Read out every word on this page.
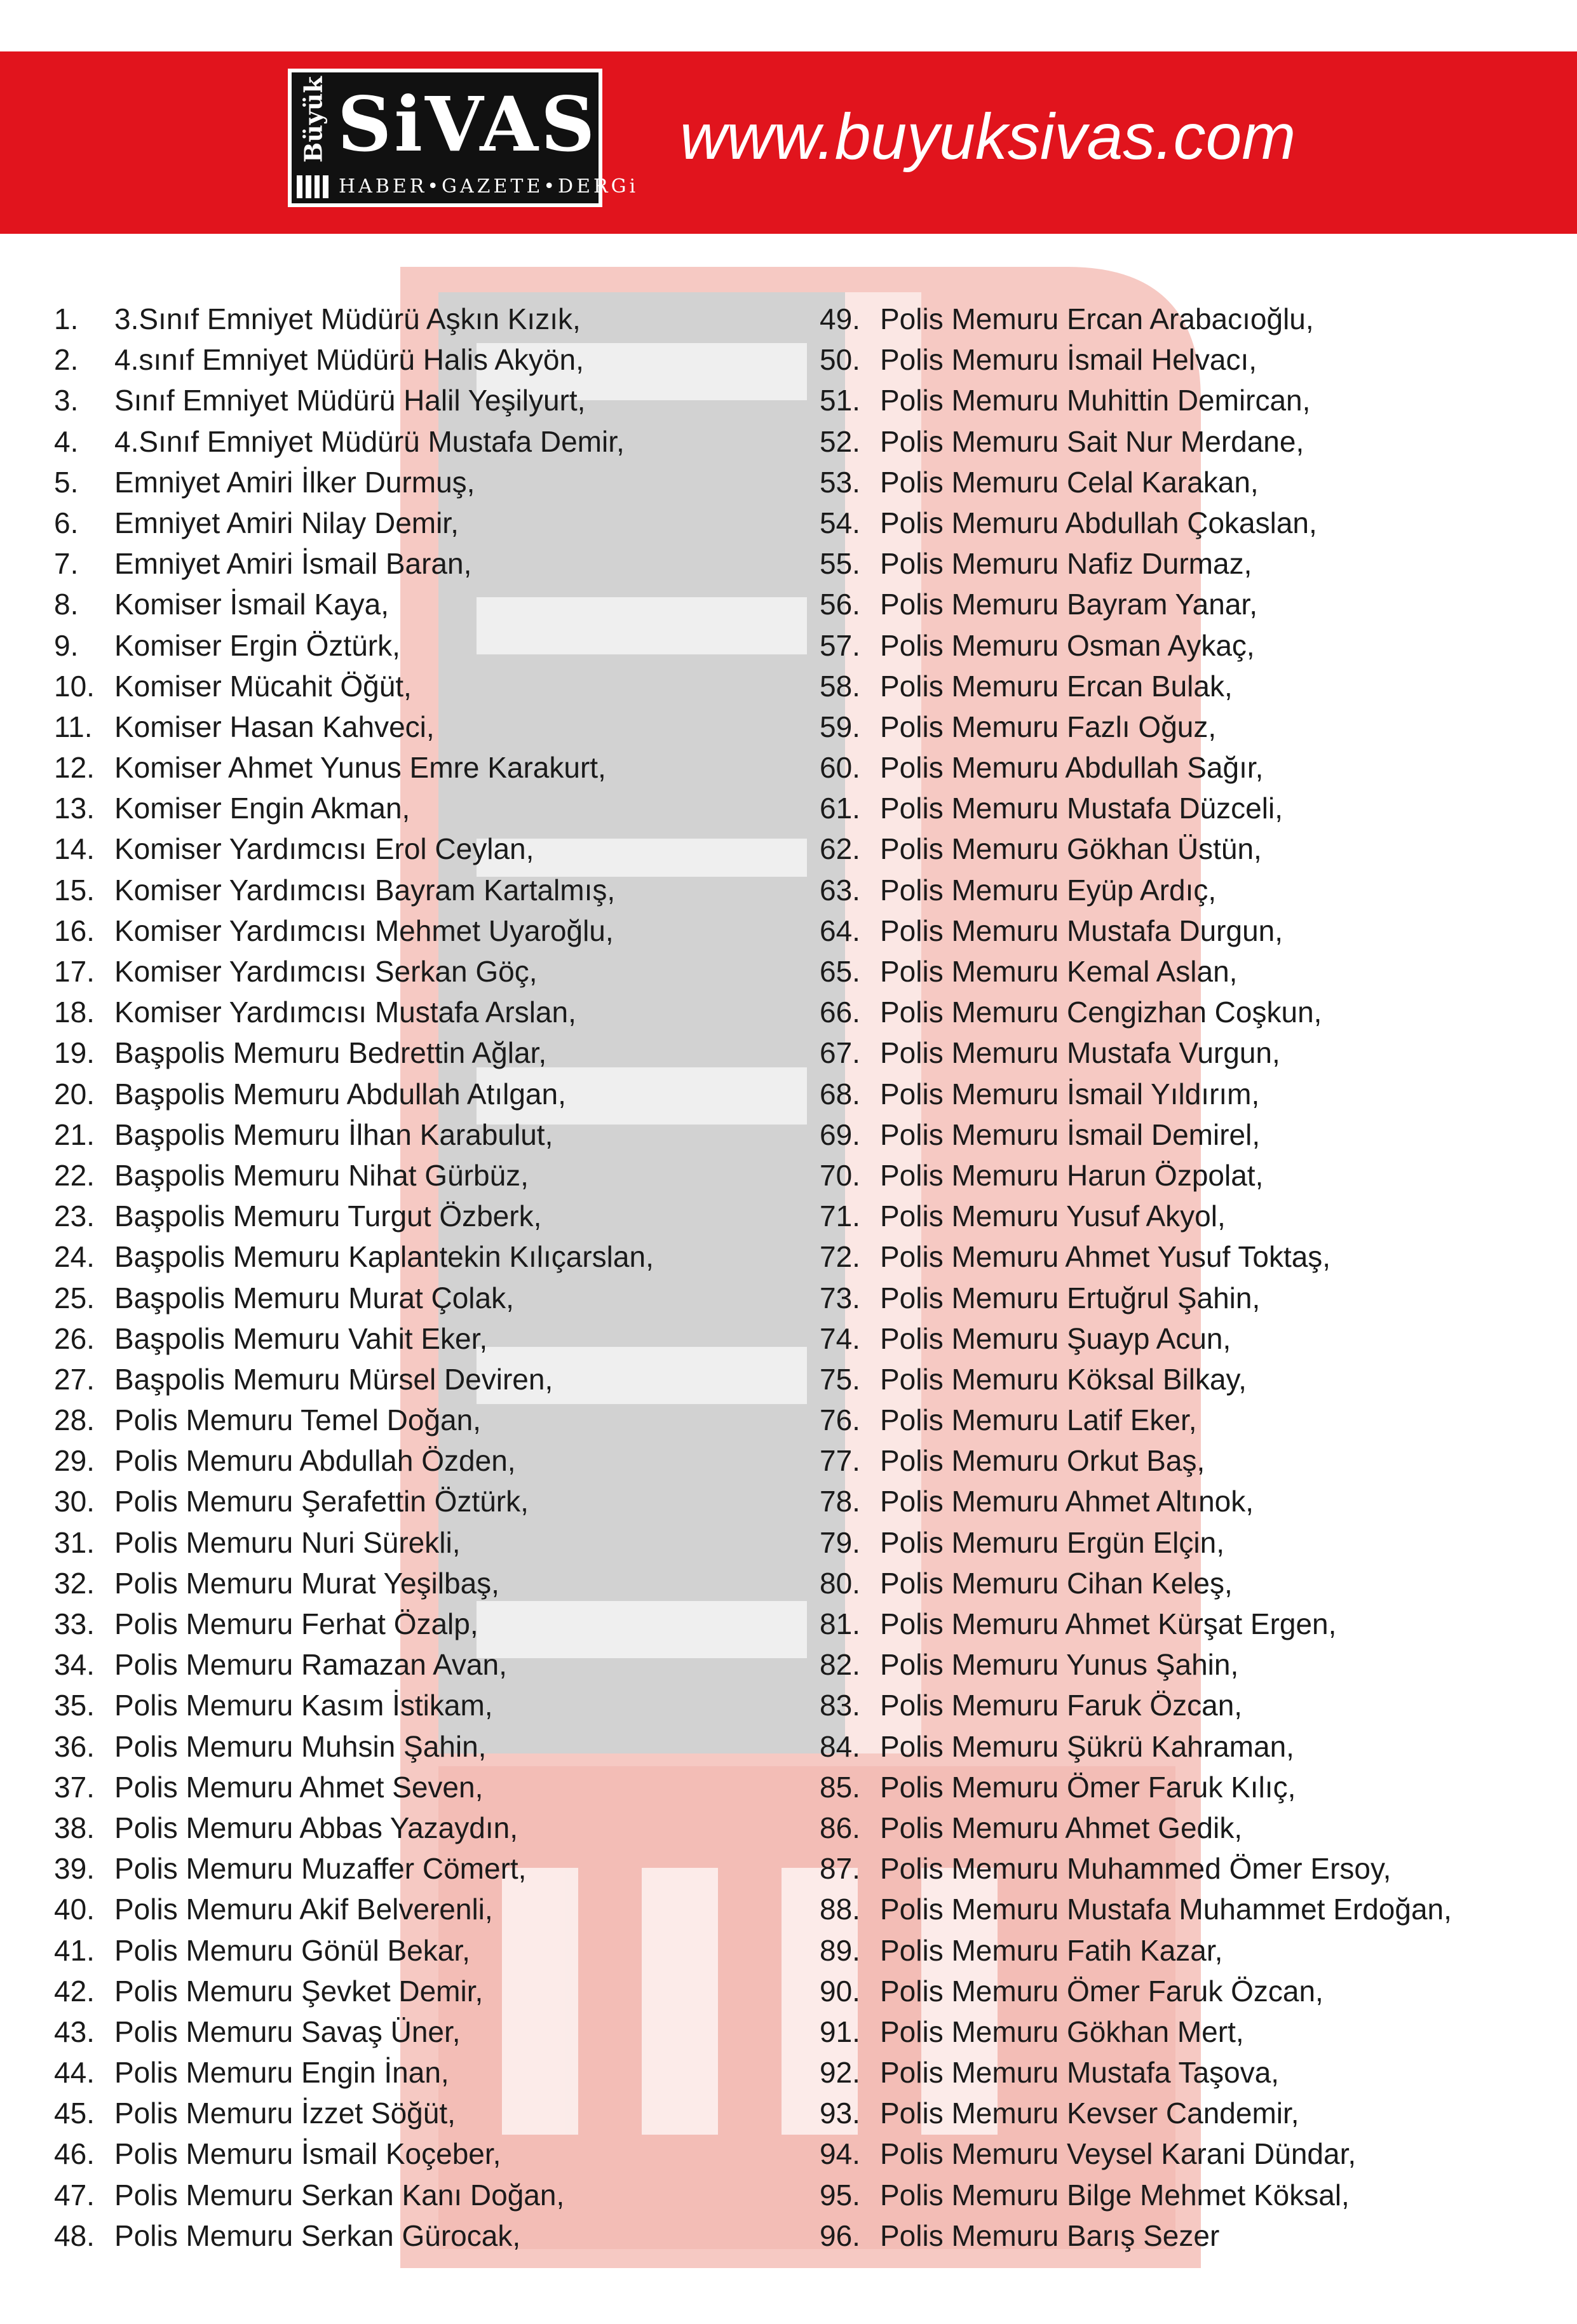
Büyük SiVAS
HABER•GAZETE•DERGi
www.buyuksivas.com
1.	3.Sınıf Emniyet Müdürü Aşkın Kızık,
2.	4.sınıf Emniyet Müdürü Halis Akyön,
3.	Sınıf Emniyet Müdürü Halil Yeşilyurt,
4.	4.Sınıf Emniyet Müdürü Mustafa Demir,
5.	Emniyet Amiri İlker Durmuş,
6.	Emniyet Amiri Nilay Demir,
7.	Emniyet Amiri İsmail Baran,
8.	Komiser İsmail Kaya,
9.	Komiser Ergin Öztürk,
10. Komiser Mücahit Öğüt,
11. Komiser Hasan Kahveci,
12. Komiser Ahmet Yunus Emre Karakurt,
13. Komiser Engin Akman,
14. Komiser Yardımcısı Erol Ceylan,
15. Komiser Yardımcısı Bayram Kartalmış,
16. Komiser Yardımcısı Mehmet Uyaroğlu,
17. Komiser Yardımcısı Serkan Göç,
18. Komiser Yardımcısı Mustafa Arslan,
19. Başpolis Memuru Bedrettin Ağlar,
20. Başpolis Memuru Abdullah Atılgan,
21. Başpolis Memuru İlhan Karabulut,
22. Başpolis Memuru Nihat Gürbüz,
23. Başpolis Memuru Turgut Özberk,
24. Başpolis Memuru Kaplantekin Kılıçarslan,
25. Başpolis Memuru Murat Çolak,
26. Başpolis Memuru Vahit Eker,
27. Başpolis Memuru Mürsel Deviren,
28. Polis Memuru Temel Doğan,
29. Polis Memuru Abdullah Özden,
30. Polis Memuru Şerafettin Öztürk,
31. Polis Memuru Nuri Sürekli,
32. Polis Memuru Murat Yeşilbaş,
33. Polis Memuru Ferhat Özalp,
34. Polis Memuru Ramazan Avan,
35. Polis Memuru Kasım İstikam,
36. Polis Memuru Muhsin Şahin,
37. Polis Memuru Ahmet Seven,
38. Polis Memuru Abbas Yazaydın,
39. Polis Memuru Muzaffer Cömert,
40. Polis Memuru Akif Belverenli,
41. Polis Memuru Gönül Bekar,
42. Polis Memuru Şevket Demir,
43. Polis Memuru Savaş Üner,
44. Polis Memuru Engin İnan,
45. Polis Memuru İzzet Söğüt,
46. Polis Memuru İsmail Koçeber,
47. Polis Memuru Serkan Kanı Doğan,
48. Polis Memuru Serkan Gürocak,
49. Polis Memuru Ercan Arabacıoğlu,
50. Polis Memuru İsmail Helvacı,
51. Polis Memuru Muhittin Demircan,
52. Polis Memuru Sait Nur Merdane,
53. Polis Memuru Celal Karakan,
54. Polis Memuru Abdullah Çokaslan,
55. Polis Memuru Nafiz Durmaz,
56. Polis Memuru Bayram Yanar,
57. Polis Memuru Osman Aykaç,
58. Polis Memuru Ercan Bulak,
59. Polis Memuru Fazlı Oğuz,
60. Polis Memuru Abdullah Sağır,
61. Polis Memuru Mustafa Düzceli,
62. Polis Memuru Gökhan Üstün,
63. Polis Memuru Eyüp Ardıç,
64. Polis Memuru Mustafa Durgun,
65. Polis Memuru Kemal Aslan,
66. Polis Memuru Cengizhan Coşkun,
67. Polis Memuru Mustafa Vurgun,
68. Polis Memuru İsmail Yıldırım,
69. Polis Memuru İsmail Demirel,
70. Polis Memuru Harun Özpolat,
71. Polis Memuru Yusuf Akyol,
72. Polis Memuru Ahmet Yusuf Toktaş,
73. Polis Memuru Ertuğrul Şahin,
74. Polis Memuru Şuayp Acun,
75. Polis Memuru Köksal Bilkay,
76. Polis Memuru Latif Eker,
77. Polis Memuru Orkut Baş,
78. Polis Memuru Ahmet Altınok,
79. Polis Memuru Ergün Elçin,
80. Polis Memuru Cihan Keleş,
81. Polis Memuru Ahmet Kürşat Ergen,
82. Polis Memuru Yunus Şahin,
83. Polis Memuru Faruk Özcan,
84. Polis Memuru Şükrü Kahraman,
85. Polis Memuru Ömer Faruk Kılıç,
86. Polis Memuru Ahmet Gedik,
87. Polis Memuru Muhammed Ömer Ersoy,
88. Polis Memuru Mustafa Muhammet Erdoğan,
89. Polis Memuru Fatih Kazar,
90. Polis Memuru Ömer Faruk Özcan,
91. Polis Memuru Gökhan Mert,
92. Polis Memuru Mustafa Taşova,
93. Polis Memuru Kevser Candemir,
94. Polis Memuru Veysel Karani Dündar,
95. Polis Memuru Bilge Mehmet Köksal,
96. Polis Memuru Barış Sezer
